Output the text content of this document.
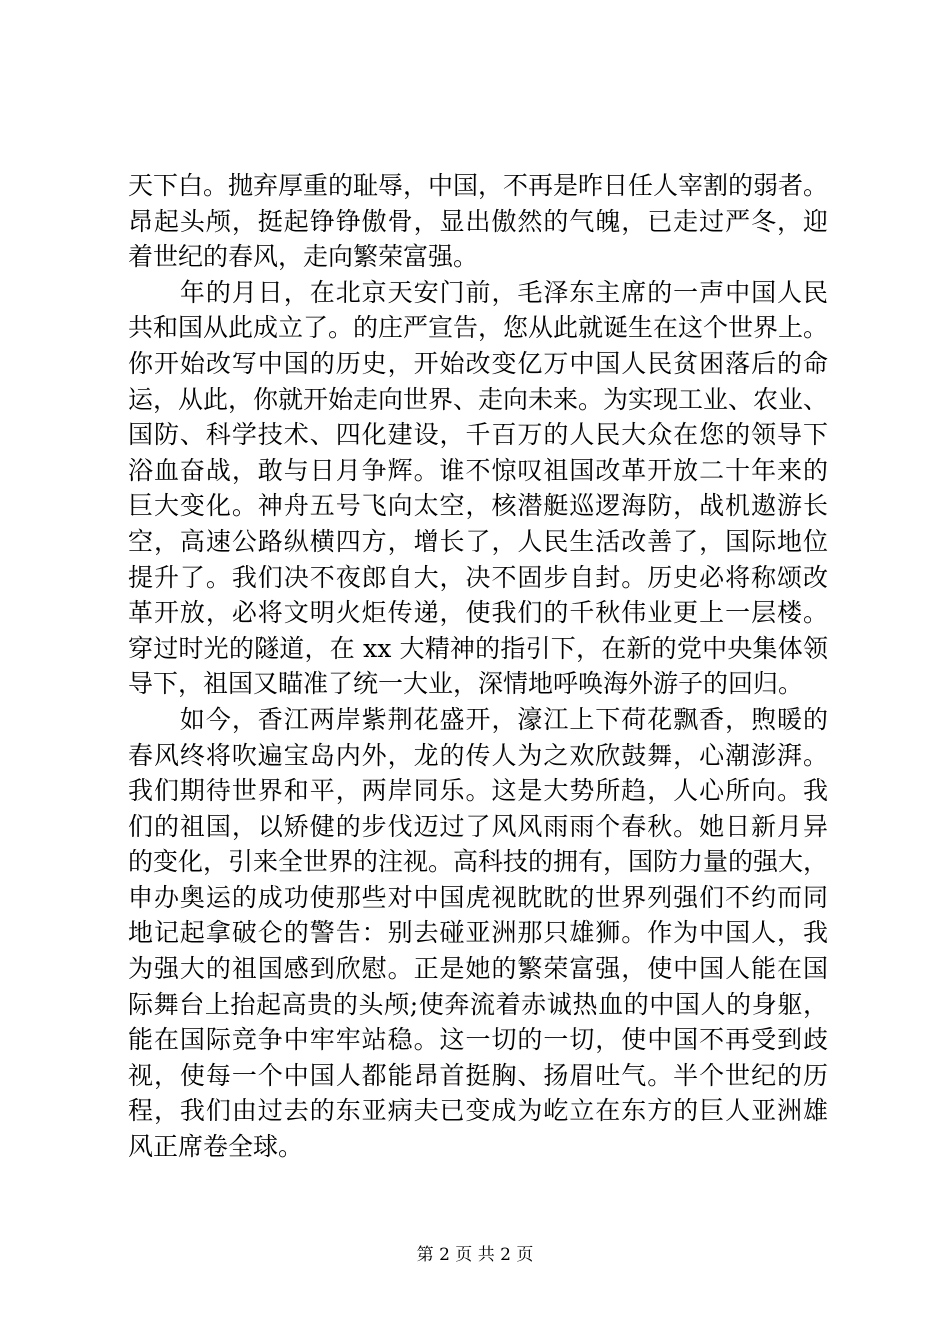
天下白。抛弃厚重的耻辱，中国，不再是昨日任人宰割的弱者。
昂起头颅，挺起铮铮傲骨，显出傲然的气魄，已走过严冬，迎
着世纪的春风，走向繁荣富强。
　　年的月日，在北京天安门前，毛泽东主席的一声中国人民
共和国从此成立了。的庄严宣告，您从此就诞生在这个世界上。
你开始改写中国的历史，开始改变亿万中国人民贫困落后的命
运，从此，你就开始走向世界、走向未来。为实现工业、农业、
国防、科学技术、四化建设，千百万的人民大众在您的领导下
浴血奋战，敢与日月争辉。谁不惊叹祖国改革开放二十年来的
巨大变化。神舟五号飞向太空，核潜艇巡逻海防，战机遨游长
空，高速公路纵横四方，增长了，人民生活改善了，国际地位
提升了。我们决不夜郎自大，决不固步自封。历史必将称颂改
革开放，必将文明火炬传递，使我们的千秋伟业更上一层楼。
穿过时光的隧道，在 xx 大精神的指引下，在新的党中央集体领
导下，祖国又瞄准了统一大业，深情地呼唤海外游子的回归。
　　如今，香江两岸紫荆花盛开，濠江上下荷花飘香，煦暖的
春风终将吹遍宝岛内外，龙的传人为之欢欣鼓舞，心潮澎湃。
我们期待世界和平，两岸同乐。这是大势所趋，人心所向。我
们的祖国，以矫健的步伐迈过了风风雨雨个春秋。她日新月异
的变化，引来全世界的注视。高科技的拥有，国防力量的强大，
申办奥运的成功使那些对中国虎视眈眈的世界列强们不约而同
地记起拿破仑的警告：别去碰亚洲那只雄狮。作为中国人，我
为强大的祖国感到欣慰。正是她的繁荣富强，使中国人能在国
际舞台上抬起高贵的头颅;使奔流着赤诚热血的中国人的身躯，
能在国际竞争中牢牢站稳。这一切的一切，使中国不再受到歧
视，使每一个中国人都能昂首挺胸、扬眉吐气。半个世纪的历
程，我们由过去的东亚病夫已变成为屹立在东方的巨人亚洲雄
风正席卷全球。
第 2 页 共 2 页
